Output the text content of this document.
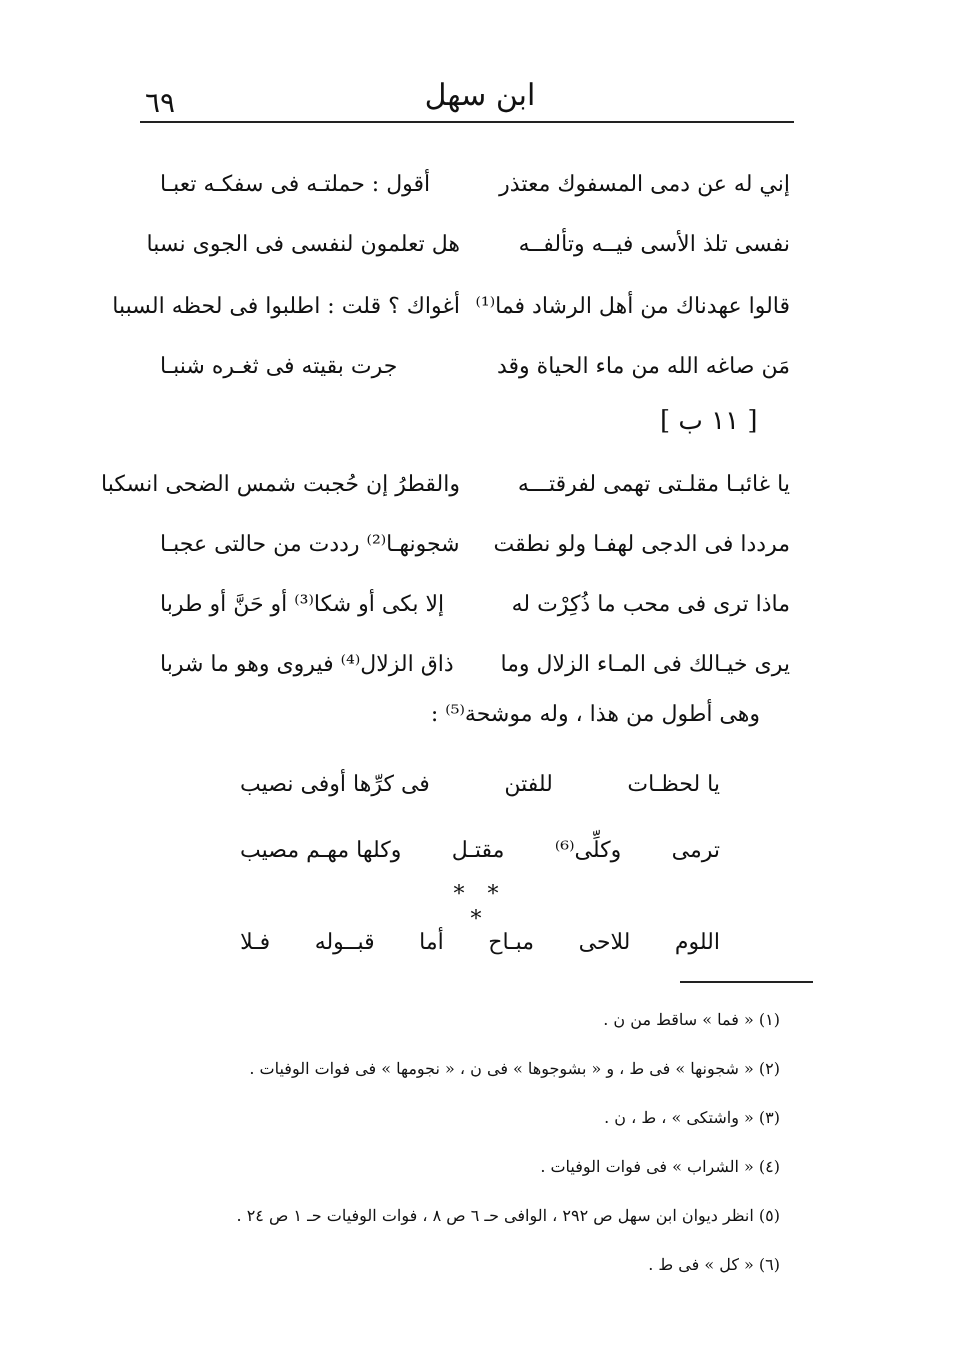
ابن سهل
٦٩
إني له عن دمى المسفوك معتذر
أقول : حملتـه فى سفكـه تعبـا
نفسى تلذ الأسى فيــه وتألفــه
هل تعلمون لنفسى فى الجوى نسبا
قالوا عهدناك من أهل الرشاد فما⁽¹⁾
أغواك ؟ قلت : اطلبوا فى لحظه السببا
مَن صاغه الله من ماء الحياة وقد
جرت بقيته فى ثغـره شنبـا
[ ١١ ب ]
يا غائبـا مقلـتى تهمى لفرقتـــه
والقطرُ إن حُجبت شمس الضحى انسكبا
مرددا فى الدجى لهفـا ولو نطقت
شجونهـا⁽²⁾ رددت من حالتى عجبـا
ماذا ترى فى محب ما ذُكِرْت له
إلا بكى أو شكا⁽³⁾ أو حَنَّ أو طربا
يرى خيـالك فى المـاء الزلال وما
ذاق الزلال⁽⁴⁾ فيروى وهو ما شربا
وهى أطول من هذا ، وله موشحة⁽⁵⁾ :
يا لحظـات
للفتن
فى كرِّها أوفى نصيب
ترمى
وكلِّى⁽⁶⁾
مقتـل
وكلها مهـم مصيب
* * *
اللوم
للاحى
مبـاح
أما
قبــوله
فـلا
(١) « فما » ساقط من ن .
(٢) « شجونها » فى ط ، و « بشوجوها » فى ن ، « نجومها » فى فوات الوفيات .
(٣) « واشتكى » ، ط ، ن .
(٤) « الشراب » فى فوات الوفيات .
(٥) انظر ديوان ابن سهل ص ٢٩٢ ، الوافى حـ ٦ ص ٨ ، فوات الوفيات حـ ١ ص ٢٤ .
(٦) « كل » فى ط .
